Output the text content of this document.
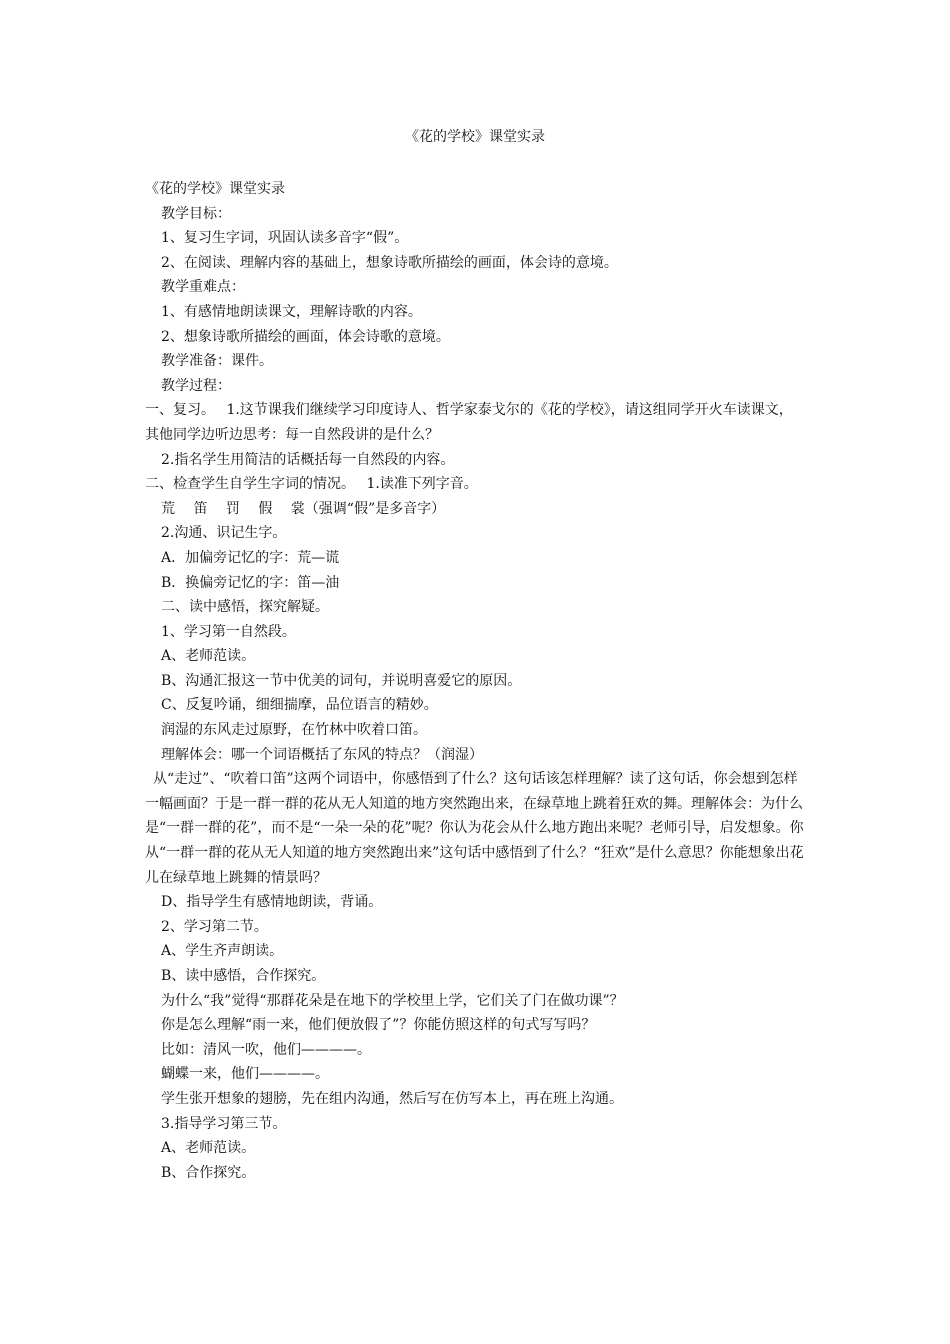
《花的学校》课堂实录

《花的学校》课堂实录

教学目标：

1、复习生字词，巩固认读多音字“假”。

2、在阅读、理解内容的基础上，想象诗歌所描绘的画面，体会诗的意境。

教学重难点：

1、有感情地朗读课文，理解诗歌的内容。

2、想象诗歌所描绘的画面，体会诗歌的意境。

教学准备：课件。

教学过程：

一、复习。　 1.这节课我们继续学习印度诗人、哲学家泰戈尔的《花的学校》，请这组同学开火车读课文，其他同学边听边思考：每一自然段讲的是什么？

2.指名学生用简洁的话概括每一自然段的内容。

二、检查学生自学生字词的情况。　 1.读准下列字音。

荒　 笛　 罚　 假　 裳（强调“假”是多音字）

2.沟通、识记生字。

A．加偏旁记忆的字：荒—谎

B．换偏旁记忆的字：笛—油

二、读中感悟，探究解疑。

1、学习第一自然段。

A、老师范读。

B、沟通汇报这一节中优美的词句，并说明喜爱它的原因。

C、反复吟诵，细细揣摩，品位语言的精妙。

润湿的东风走过原野，在竹林中吹着口笛。

理解体会：哪一个词语概括了东风的特点？（润湿）

从“走过”、“吹着口笛”这两个词语中，你感悟到了什么？这句话该怎样理解？读了这句话，你会想到怎样一幅画面？于是一群一群的花从无人知道的地方突然跑出来，在绿草地上跳着狂欢的舞。理解体会：为什么是“一群一群的花”，而不是“一朵一朵的花”呢？你认为花会从什么地方跑出来呢？老师引导，启发想象。你从“一群一群的花从无人知道的地方突然跑出来”这句话中感悟到了什么？“狂欢”是什么意思？你能想象出花儿在绿草地上跳舞的情景吗？

D、指导学生有感情地朗读，背诵。

2、学习第二节。

A、学生齐声朗读。

B、读中感悟，合作探究。

为什么“我”觉得“那群花朵是在地下的学校里上学，它们关了门在做功课”？

你是怎么理解“雨一来，他们便放假了”？你能仿照这样的句式写写吗？

比如：清风一吹，他们————。

蝴蝶一来，他们————。

学生张开想象的翅膀，先在组内沟通，然后写在仿写本上，再在班上沟通。

3.指导学习第三节。

A、老师范读。

B、合作探究。
